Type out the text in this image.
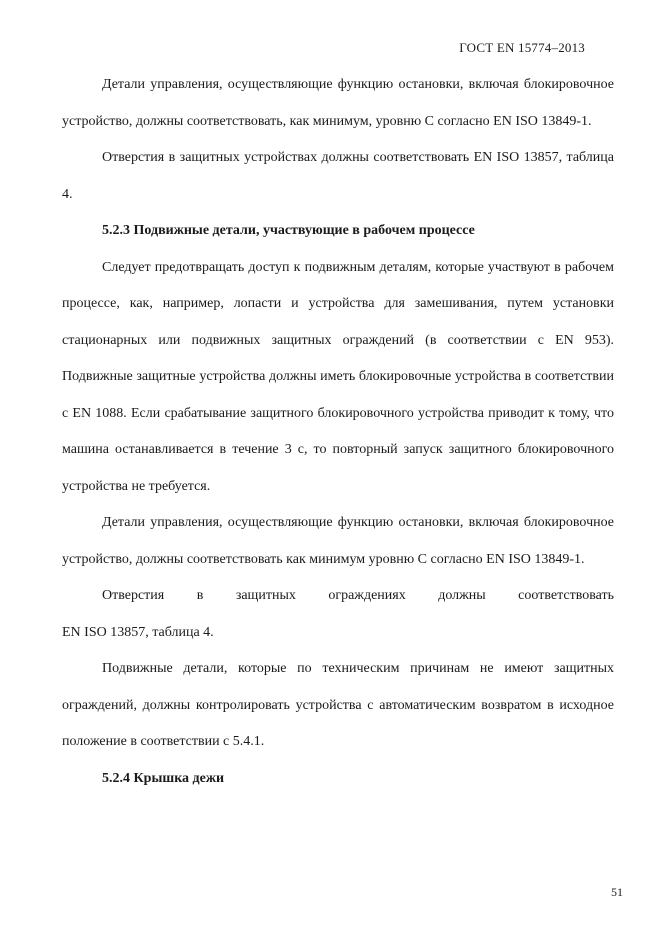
ГОСТ EN 15774–2013

Детали управления, осуществляющие функцию остановки, включая блокировочное устройство, должны соответствовать, как минимум, уровню С согласно EN ISO 13849-1.

Отверстия в защитных устройствах должны соответствовать EN ISO 13857, таблица 4.

5.2.3 Подвижные детали, участвующие в рабочем процессе

Следует предотвращать доступ к подвижным деталям, которые участвуют в рабочем процессе, как, например, лопасти и устройства для замешивания, путем установки стационарных или подвижных защитных ограждений (в соответствии с EN 953). Подвижные защитные устройства должны иметь блокировочные устройства в соответствии с EN 1088. Если срабатывание защитного блокировочного устройства приводит к тому, что машина останавливается в течение 3 с, то повторный запуск защитного блокировочного устройства не требуется.

Детали управления, осуществляющие функцию остановки, включая блокировочное устройство, должны соответствовать как минимум уровню С согласно EN ISO 13849-1.

Отверстия в защитных ограждениях должны соответствовать

EN ISO 13857, таблица 4.

Подвижные детали, которые по техническим причинам не имеют защитных ограждений, должны контролировать устройства с автоматическим возвратом в исходное положение в соответствии с 5.4.1.

5.2.4 Крышка дежи

51
